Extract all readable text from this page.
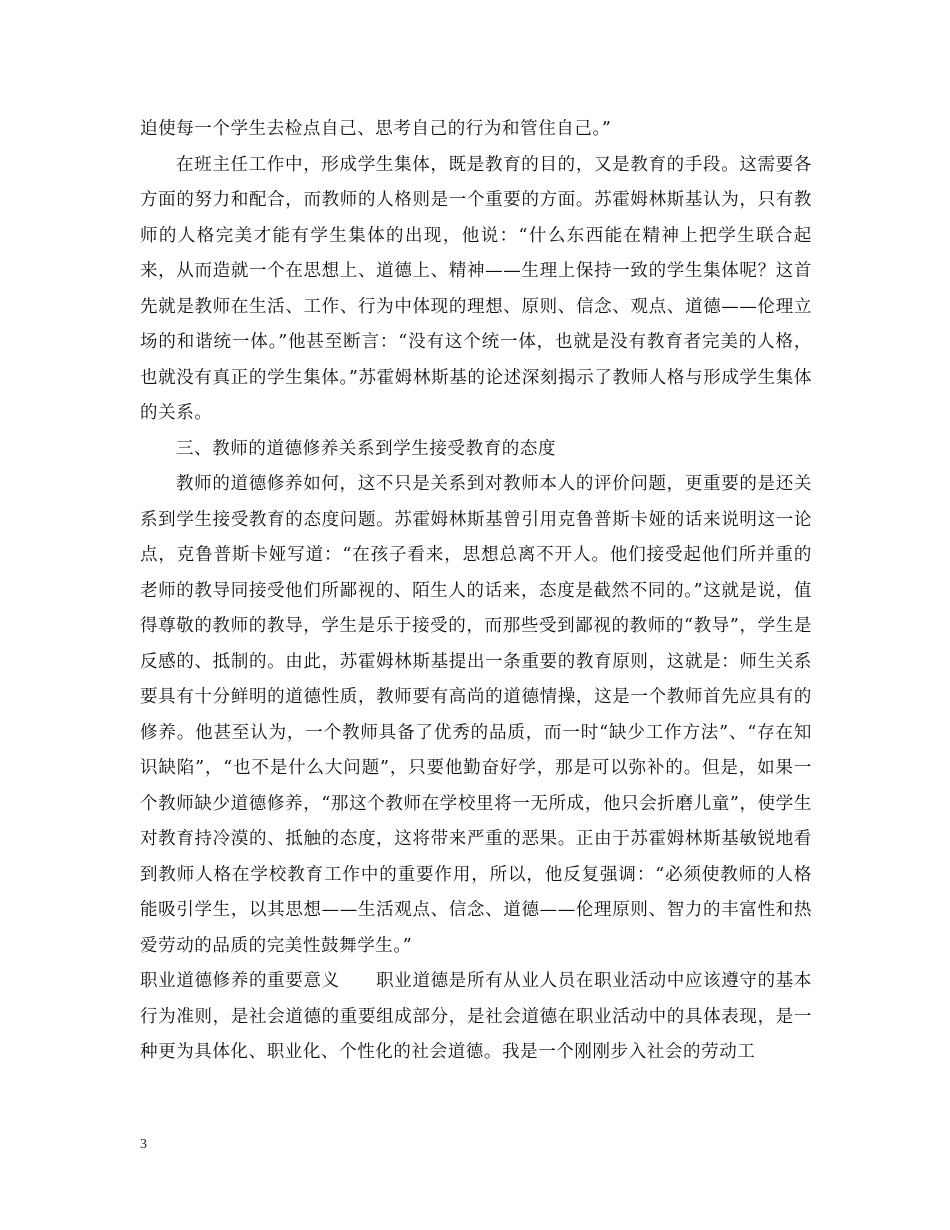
迫使每一个学生去检点自己、思考自己的行为和管住自己。”

在班主任工作中，形成学生集体，既是教育的目的，又是教育的手段。这需要各方面的努力和配合，而教师的人格则是一个重要的方面。苏霍姆林斯基认为，只有教师的人格完美才能有学生集体的出现，他说：“什么东西能在精神上把学生联合起来，从而造就一个在思想上、道德上、精神——生理上保持一致的学生集体呢？这首先就是教师在生活、工作、行为中体现的理想、原则、信念、观点、道德——伦理立场的和谐统一体。”他甚至断言：“没有这个统一体，也就是没有教育者完美的人格，也就没有真正的学生集体。”苏霍姆林斯基的论述深刻揭示了教师人格与形成学生集体的关系。

三、教师的道德修养关系到学生接受教育的态度

教师的道德修养如何，这不只是关系到对教师本人的评价问题，更重要的是还关系到学生接受教育的态度问题。苏霍姆林斯基曾引用克鲁普斯卡娅的话来说明这一论点，克鲁普斯卡娅写道：“在孩子看来，思想总离不开人。他们接受起他们所并重的老师的教导同接受他们所鄙视的、陌生人的话来，态度是截然不同的。”这就是说，值得尊敬的教师的教导，学生是乐于接受的，而那些受到鄙视的教师的“教导”，学生是反感的、抵制的。由此，苏霍姆林斯基提出一条重要的教育原则，这就是：师生关系要具有十分鲜明的道德性质，教师要有高尚的道德情操，这是一个教师首先应具有的修养。他甚至认为，一个教师具备了优秀的品质，而一时“缺少工作方法”、“存在知识缺陷”，“也不是什么大问题”，只要他勤奋好学，那是可以弥补的。但是，如果一个教师缺少道德修养，“那这个教师在学校里将一无所成，他只会折磨儿童”，使学生对教育持冷漠的、抵触的态度，这将带来严重的恶果。正由于苏霍姆林斯基敏锐地看到教师人格在学校教育工作中的重要作用，所以，他反复强调：“必须使教师的人格能吸引学生，以其思想——生活观点、信念、道德——伦理原则、智力的丰富性和热爱劳动的品质的完美性鼓舞学生。”

职业道德修养的重要意义　　职业道德是所有从业人员在职业活动中应该遵守的基本行为准则，是社会道德的重要组成部分，是社会道德在职业活动中的具体表现，是一种更为具体化、职业化、个性化的社会道德。我是一个刚刚步入社会的劳动工

3
